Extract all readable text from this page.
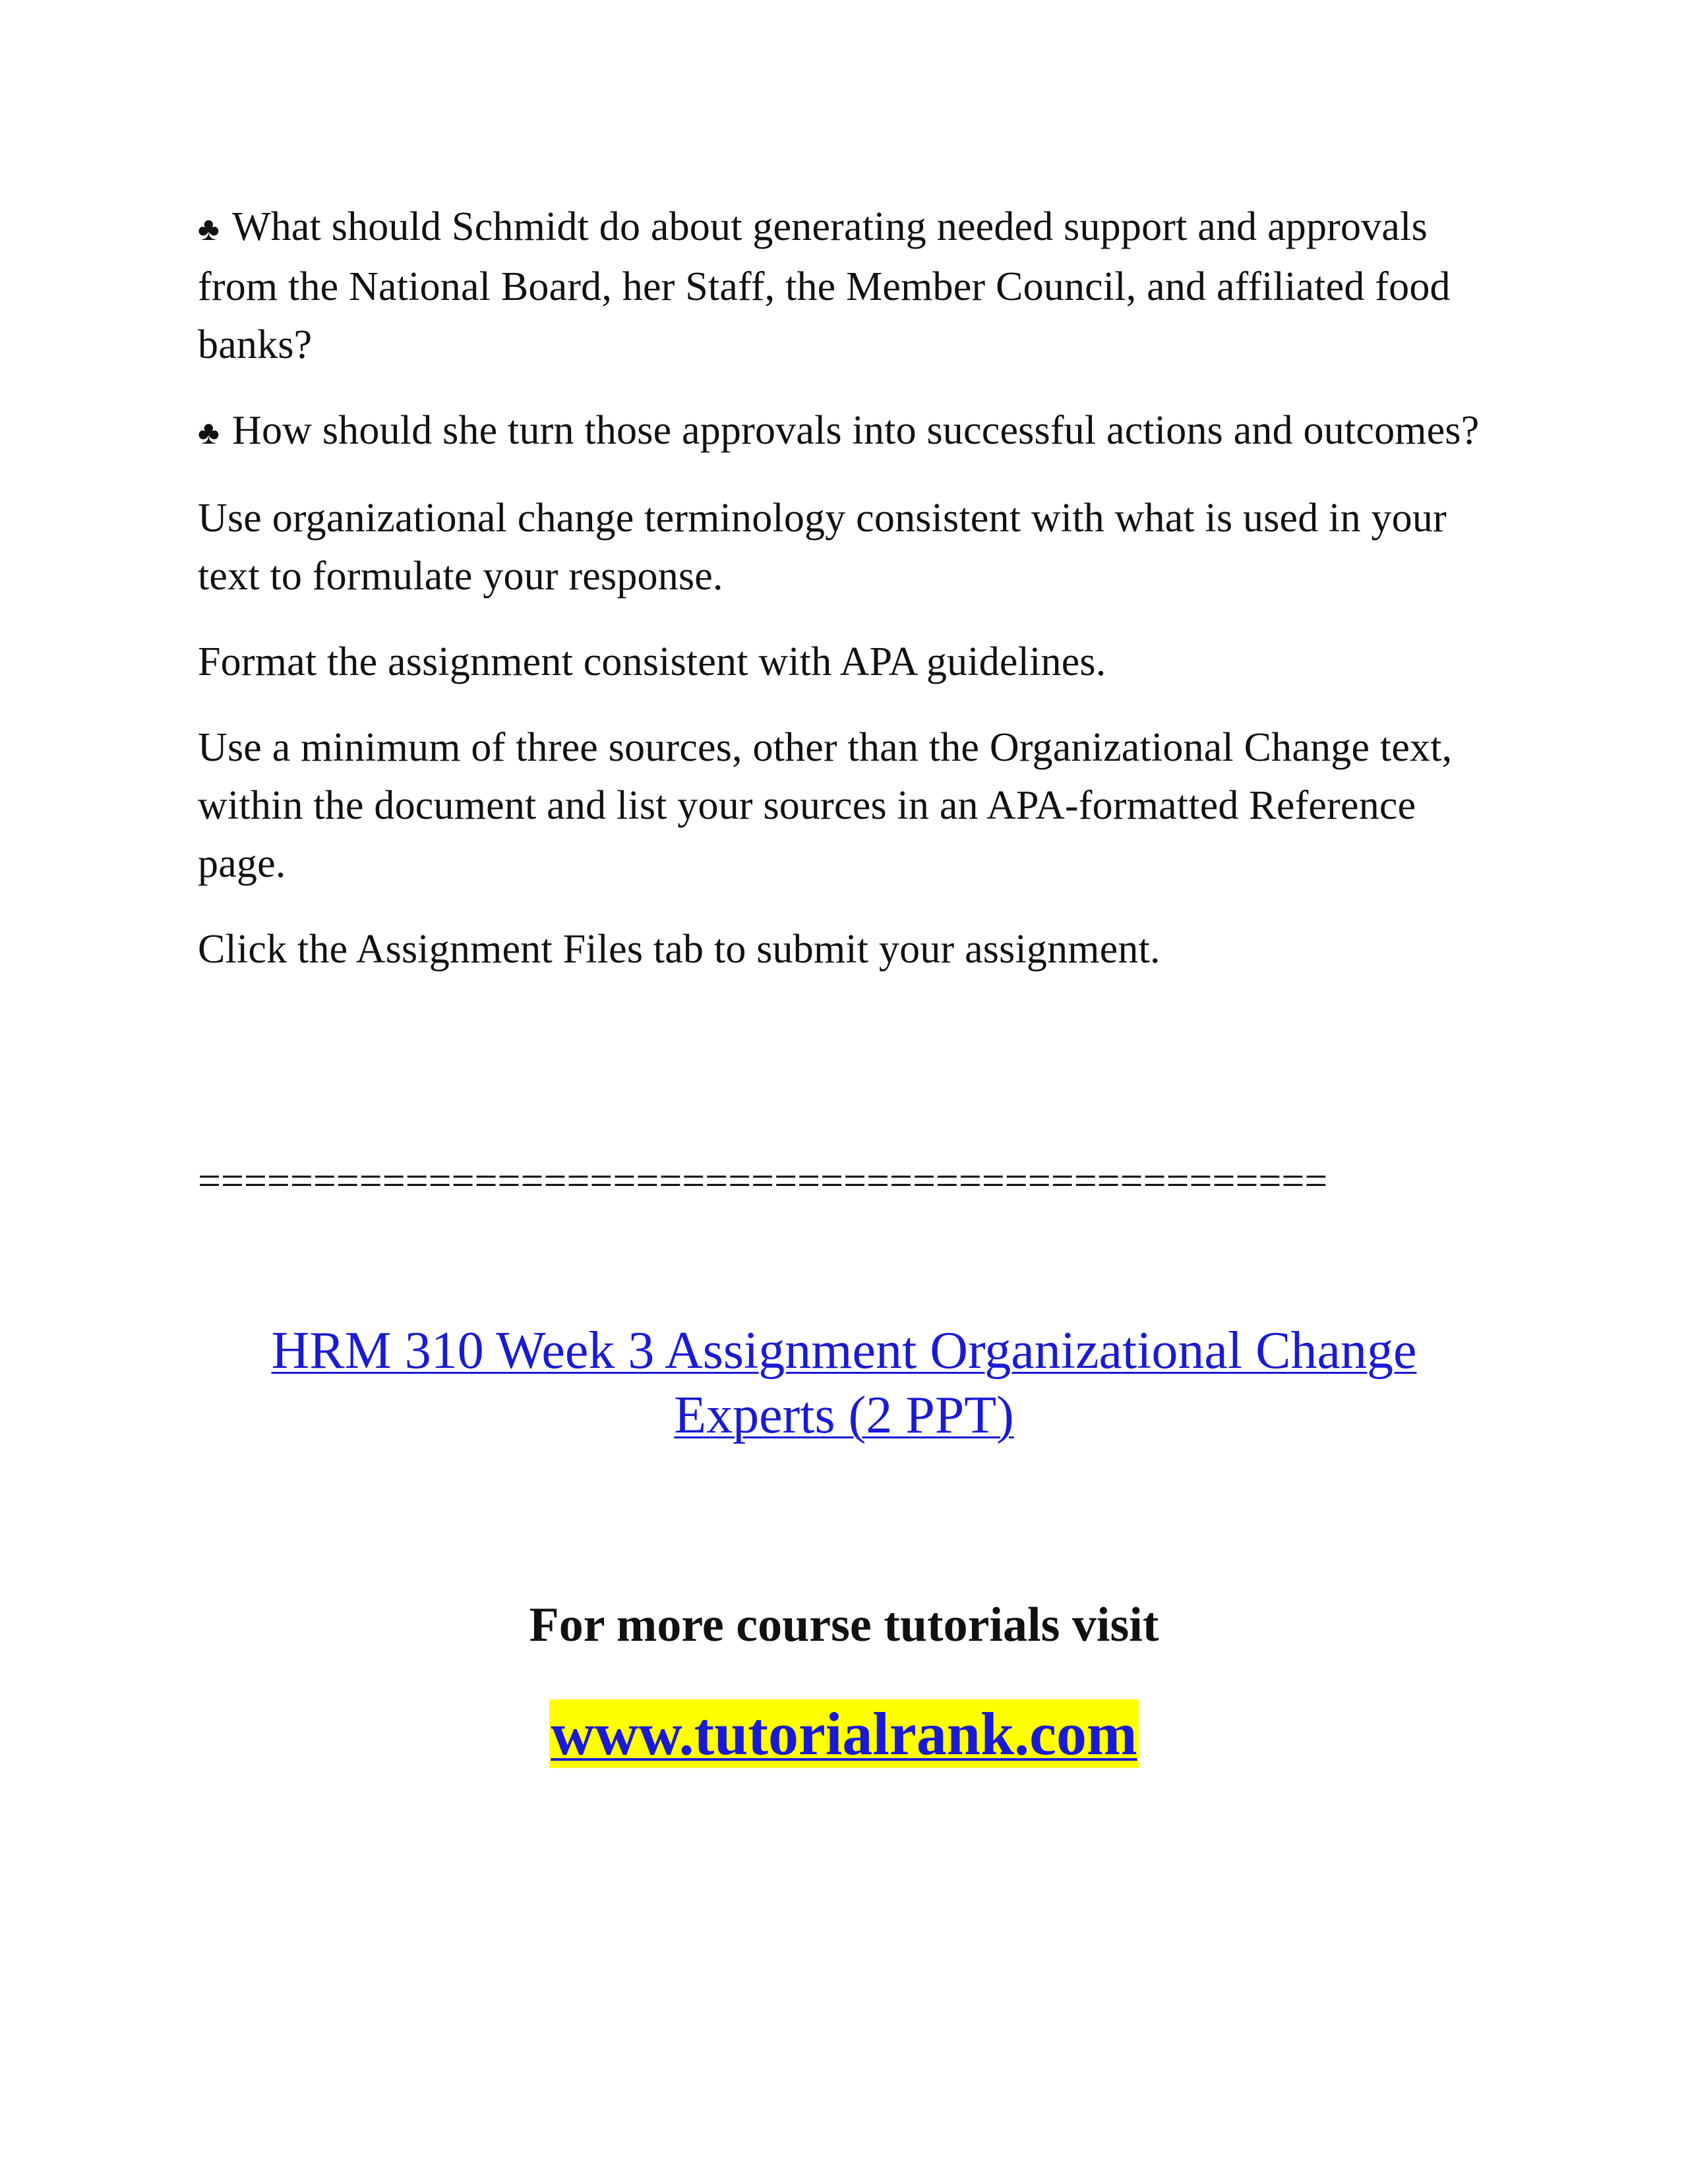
♣ What should Schmidt do about generating needed support and approvals from the National Board, her Staff, the Member Council, and affiliated food banks?

♣ How should she turn those approvals into successful actions and outcomes?

Use organizational change terminology consistent with what is used in your text to formulate your response.

Format the assignment consistent with APA guidelines.

Use a minimum of three sources, other than the Organizational Change text, within the document and list your sources in an APA-formatted Reference page.

Click the Assignment Files tab to submit your assignment.

=================================================
HRM 310 Week 3 Assignment Organizational Change Experts (2 PPT)
For more course tutorials visit
www.tutorialrank.com
